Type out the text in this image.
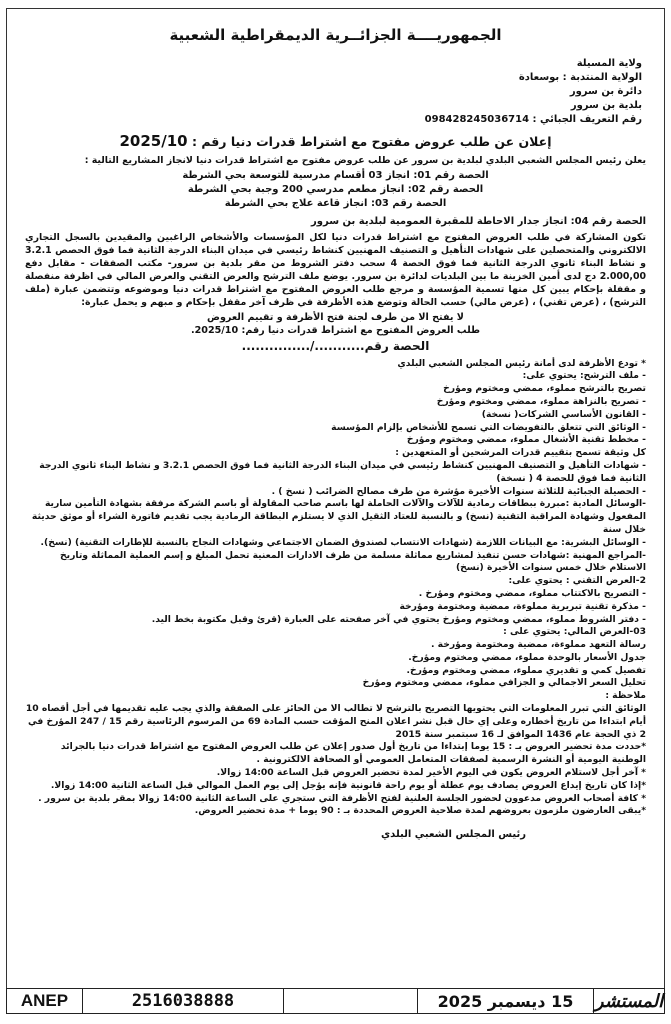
الجمهوريــــة الجزائــرية الديمقراطية الشعبية
ولاية المسيلة
الولاية المنتدبة : بوسعادة
دائرة بن سرور
بلدية بن سرور
رقم التعريف الجبائي : 098428245036714
إعلان عن طلب عروض مفتوح مع اشتراط قدرات دنيا رقم : 2025/10
يعلن رئيس المجلس الشعبي البلدي لبلدية بن سرور عن طلب عروض مفتوح مع اشتراط قدرات دنيا لانجاز المشاريع التالية :
الحصة رقم 01: انجاز 03 أقسام مدرسية للتوسعة بحي الشرطة
الحصة رقم 02: انجاز مطعم مدرسي 200 وجبة بحي الشرطة
الحصة رقم 03: انجاز قاعة علاج بحي الشرطة
الحصة رقم 04: انجاز جدار الاحاطة للمقبرة العمومية لبلدية بن سرور
تكون المشاركة في طلب العروض المفتوح مع اشتراط قدرات دنيا لكل المؤسسات والأشخاص الراغبين والمقيدين بالسجل التجاري الالكتروني والمتحصلين على شهادات التأهيل و التصنيف المهنيين كنشاط رئيسي في ميدان البناء الدرجة الثانية فما فوق الحصص 3.2.1 و نشاط البناء ثانوي الدرجة الثانية فما فوق الحصة 4 سحب دفتر الشروط من مقر بلدية بن سرور- مكتب الصفقات - مقابل دفع 2.000,00 دج لدى أمين الخزينة ما بين البلديات لدائرة بن سرور. يوضع ملف الترشح والعرض التقني والعرض المالي في اظرفة منفصلة و مقفلة بإحكام يبين كل منها تسمية المؤسسة و مرجع طلب العروض المفتوح مع اشتراط قدرات دنيا وموضوعه وتتضمن عبارة (ملف الترشح) ، (عرض تقني) ، (عرض مالي) حسب الحالة وتوضع هذه الأظرفة في ظرف آخر مقفل بإحكام و مبهم و يحمل عبارة:
لا يفتح الا من طرف لجنة فتح الأظرفة و تقييم العروض
طلب العروض المفتوح مع اشتراط قدرات دنيا رقم: 2025/10.
الحصة رقم.........../...............
* تودع الأظرفة لدى أمانة رئيس المجلس الشعبي البلدي
- ملف الترشح: يحتوي على:
تصريح بالترشح مملوء، ممضي ومختوم ومؤرخ
- تصريح بالنزاهة مملوء، ممضي ومختوم ومؤرخ
- القانون الأساسي الشركات( نسخة)
- الوثائق التي تتعلق بالتفويضات التي تسمح للأشخاص بإلزام المؤسسة
- مخطط تقنية الأشغال مملوء، ممضي ومختوم ومؤرخ
كل وثيقة تسمح بتقييم قدرات المرشحين أو المتعهدين :
- شهادات التأهيل و التصنيف المهنيين كنشاط رئيسي في ميدان البناء الدرجة الثانية فما فوق الحصص 3.2.1 و نشاط البناء ثانوي الدرجة الثانية فما فوق للحصة 4 ( نسخة)
- الحصيلة الجبائية للثلاثة سنوات الأخيرة مؤشرة من طرف مصالح الضرائب ( نسخ ) .
-الوسائل المادية :مبررة ببطاقات رمادية للآلات والآلات الحاملة لها باسم صاحب المقاولة أو باسم الشركة مرفقة بشهادة التأمين سارية المفعول وشهادة المراقبة التقنية (نسخ) و بالنسبة للعتاد الثقيل الذي لا يستلزم البطاقة الرمادية يجب تقديم فاتورة الشراء أو موثق حديثة خلال سنة
- الوسائل البشرية: مع البيانات اللازمة (شهادات الانتساب لصندوق الضمان الاجتماعي وشهادات النجاح بالنسبة للإطارات التقنية) (نسخ).
-المراجع المهنية :شهادات حسن تنفيذ لمشاريع مماثلة مسلمة من طرف الادارات المعنية تحمل المبلغ و إسم العملية المماثلة وتاريخ الاستلام خلال خمس سنوات الأخيرة (نسخ)
2-العرض التقني : يحتوي على:
- التصريح بالاكتتاب مملوء، ممضي ومختوم ومؤرخ .
- مذكرة تقنية تبريرية مملوءة، ممضية ومختومة ومؤرخة
- دفتر الشروط مملوء، ممضي ومختوم ومؤرخ يحتوي في آخر صفحته على العبارة (قرئ وقبل مكتوبة بخط اليد.
03-العرض المالي: يحتوي على :
رسالة التعهد مملوءة، ممضية ومختومة ومؤرخة .
جدول الأسعار بالوحدة مملوء، ممضي ومختوم ومؤرخ.
تفصيل كمي و تقديري مملوء، ممضي ومختوم ومؤرخ.
تحليل السعر الاجمالي و الجزافي مملوء، ممضي ومختوم ومؤرخ
ملاحظة :
الوثائق التي تبرر المعلومات التي يحتويها التصريح بالترشح لا تطالب الا من الحائز على الصفقة والذي يجب عليه تقديمها في أجل أقصاه 10 أيام ابتداءا من تاريخ أخطاره وعلى إي حال قبل نشر اعلان المنح المؤقت حسب المادة 69 من المرسوم الرئاسية رقم 15 / 247 المؤرخ في 2 ذي الحجة عام 1436 الموافق لـ 16 سبتمبر سنة 2015
*حددت مدة تحضير العروض بـ : 15 يوما إبتداءا من تاريخ أول صدور إعلان عن طلب العروض المفتوح مع اشتراط قدرات دنيا بالجرائد الوطنية اليومية أو النشرة الرسمية لصفقات المتعامل العمومي أو الصحافة الالكترونية .
* آخر أجل لاستلام العروض يكون في اليوم الأخير لمدة تحضير العروض قبل الساعة 14:00 زوالا.
*إذا كان تاريخ إيداع العروض يصادف يوم عطلة أو يوم راحة قانونية فإنه يؤجل إلى يوم العمل الموالي قبل الساعة الثانية 14:00 زوالا.
* كافة أصحاب العروض مدعوون لحضور الجلسة العلنية لفتح الأظرفة التي ستجري على الساعة الثانية 14:00 زوالا بمقر بلدية بن سرور .
*يبقى العارضون ملزمون بعروضهم لمدة صلاحية العروض المحددة بـ : 90 يوما + مدة تحضير العروض.
رئيس المجلس الشعبي البلدي
ANEP	2516038888	15 ديسمبر 2025	المستشر
